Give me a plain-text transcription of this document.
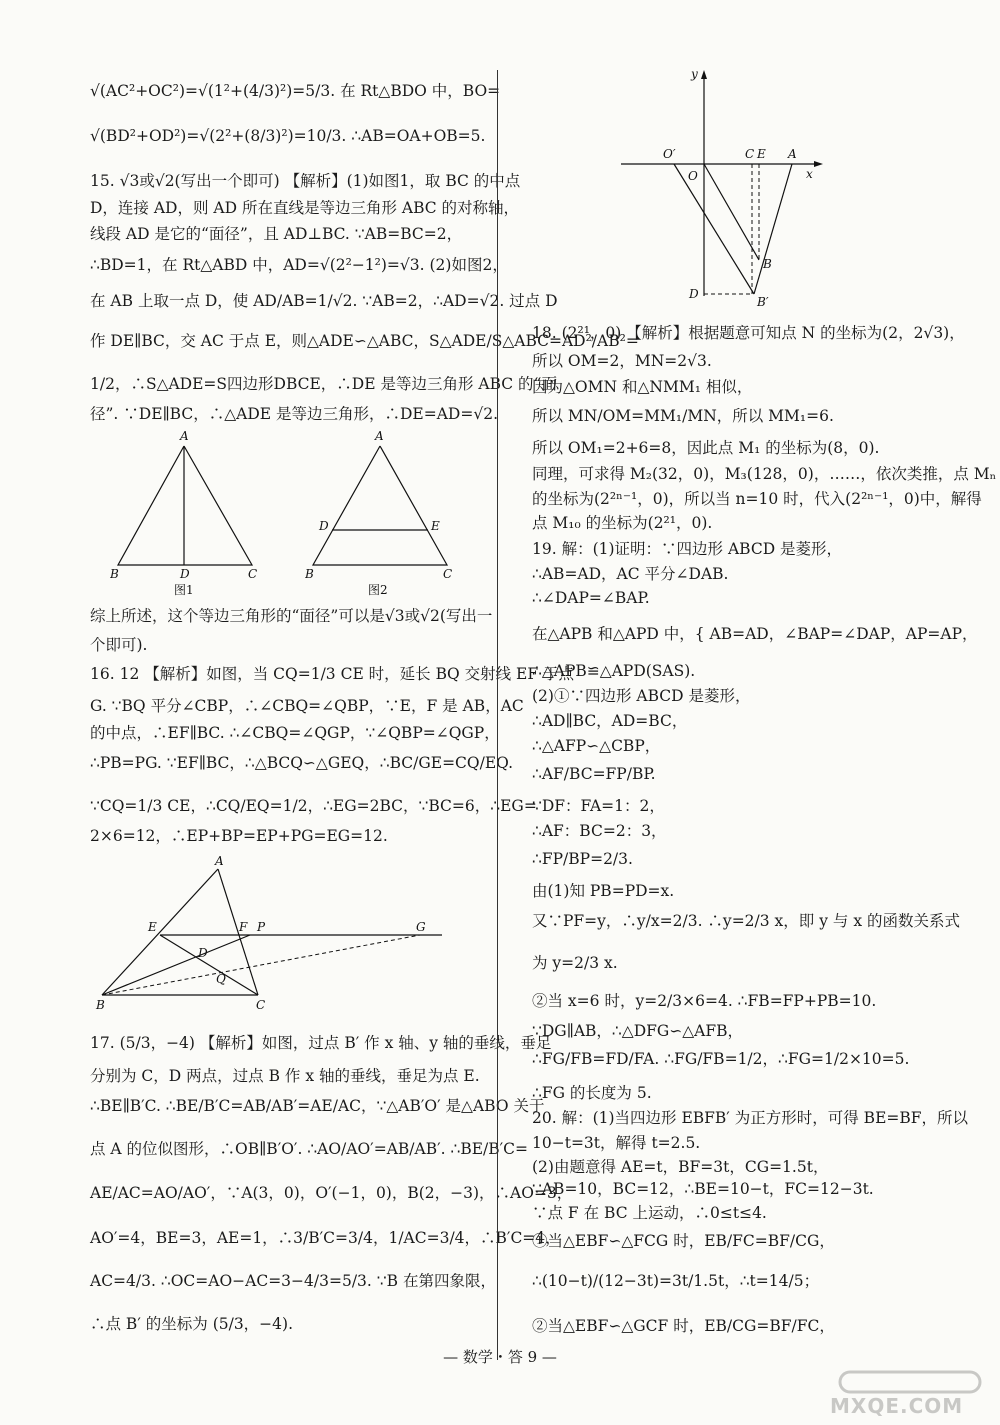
√(AC²+OC²)=√(1²+(4/3)²)=5/3. 在 Rt△BDO 中，BO=
√(BD²+OD²)=√(2²+(8/3)²)=10/3. ∴AB=OA+OB=5.
15. √3或√2(写出一个即可) 【解析】(1)如图1，取 BC 的中点
D，连接 AD，则 AD 所在直线是等边三角形 ABC 的对称轴，
线段 AD 是它的“面径”，且 AD⊥BC. ∵AB=BC=2，
∴BD=1，在 Rt△ABD 中，AD=√(2²−1²)=√3. (2)如图2，
在 AB 上取一点 D，使 AD/AB=1/√2. ∵AB=2，∴AD=√2. 过点 D
作 DE∥BC，交 AC 于点 E，则△ADE∽△ABC，S△ADE/S△ABC=AD²/AB²=
1/2，∴S△ADE=S四边形DBCE，∴DE 是等边三角形 ABC 的“面
径”. ∵DE∥BC，∴△ADE 是等边三角形，∴DE=AD=√2.
A
B	D	C
图1
A
D	E
B	C
图2
综上所述，这个等边三角形的“面径”可以是√3或√2(写出一
个即可).
16. 12 【解析】如图，当 CQ=1/3 CE 时，延长 BQ 交射线 EF 于点
G. ∵BQ 平分∠CBP，∴∠CBQ=∠QBP，∵E，F 是 AB，AC
的中点，∴EF∥BC. ∴∠CBQ=∠QGP，∵∠QBP=∠QGP，
∴PB=PG. ∵EF∥BC，∴△BCQ∽△GEQ，∴BC/GE=CQ/EQ.
∵CQ=1/3 CE，∴CQ/EQ=1/2，∴EG=2BC，∵BC=6，∴EG=
2×6=12，∴EP+BP=EP+PG=EG=12.
A
E	F P	G
D
Q
B	C
17. (5/3，−4) 【解析】如图，过点 B′ 作 x 轴、y 轴的垂线，垂足
分别为 C，D 两点，过点 B 作 x 轴的垂线，垂足为点 E.
∴BE∥B′C. ∴BE/B′C=AB/AB′=AE/AC，∵△AB′O′ 是△ABO 关于
点 A 的位似图形，∴OB∥B′O′. ∴AO/AO′=AB/AB′. ∴BE/B′C=
AE/AC=AO/AO′，∵A(3，0)，O′(−1，0)，B(2，−3)，∴AO=3，
AO′=4，BE=3，AE=1，∴3/B′C=3/4，1/AC=3/4，∴B′C=4，
AC=4/3. ∴OC=AO−AC=3−4/3=5/3. ∵B 在第四象限，
∴点 B′ 的坐标为 (5/3，−4).
y
O′
O
C E A
x
B
D
B′
18. (2²¹，0) 【解析】根据题意可知点 N 的坐标为(2，2√3)，
所以 OM=2，MN=2√3.
因为△OMN 和△NMM₁ 相似，
所以 MN/OM=MM₁/MN，所以 MM₁=6.
所以 OM₁=2+6=8，因此点 M₁ 的坐标为(8，0).
同理，可求得 M₂(32，0)，M₃(128，0)，……，依次类推，点 Mₙ
的坐标为(2²ⁿ⁻¹，0)，所以当 n=10 时，代入(2²ⁿ⁻¹，0)中，解得
点 M₁₀ 的坐标为(2²¹，0).
19. 解：(1)证明：∵四边形 ABCD 是菱形，
∴AB=AD，AC 平分∠DAB.
∴∠DAP=∠BAP.
在△APB 和△APD 中，{ AB=AD，∠BAP=∠DAP，AP=AP，
∴△APB≌△APD(SAS).
(2)①∵四边形 ABCD 是菱形，
∴AD∥BC，AD=BC，
∴△AFP∽△CBP，
∴AF/BC=FP/BP.
∵DF：FA=1：2，
∴AF：BC=2：3，
∴FP/BP=2/3.
由(1)知 PB=PD=x.
又∵PF=y，∴y/x=2/3. ∴y=2/3 x，即 y 与 x 的函数关系式
为 y=2/3 x.
②当 x=6 时，y=2/3×6=4. ∴FB=FP+PB=10.
∵DG∥AB，∴△DFG∽△AFB，
∴FG/FB=FD/FA. ∴FG/FB=1/2，∴FG=1/2×10=5.
∴FG 的长度为 5.
20. 解：(1)当四边形 EBFB′ 为正方形时，可得 BE=BF，所以
10−t=3t，解得 t=2.5.
(2)由题意得 AE=t，BF=3t，CG=1.5t，
∵AB=10，BC=12，∴BE=10−t，FC=12−3t.
∵点 F 在 BC 上运动，∴0≤t≤4.
①当△EBF∽△FCG 时，EB/FC=BF/CG，
∴(10−t)/(12−3t)=3t/1.5t，∴t=14/5；
②当△EBF∽△GCF 时，EB/CG=BF/FC，
— 数学・答 9 —
MXQE.COM
